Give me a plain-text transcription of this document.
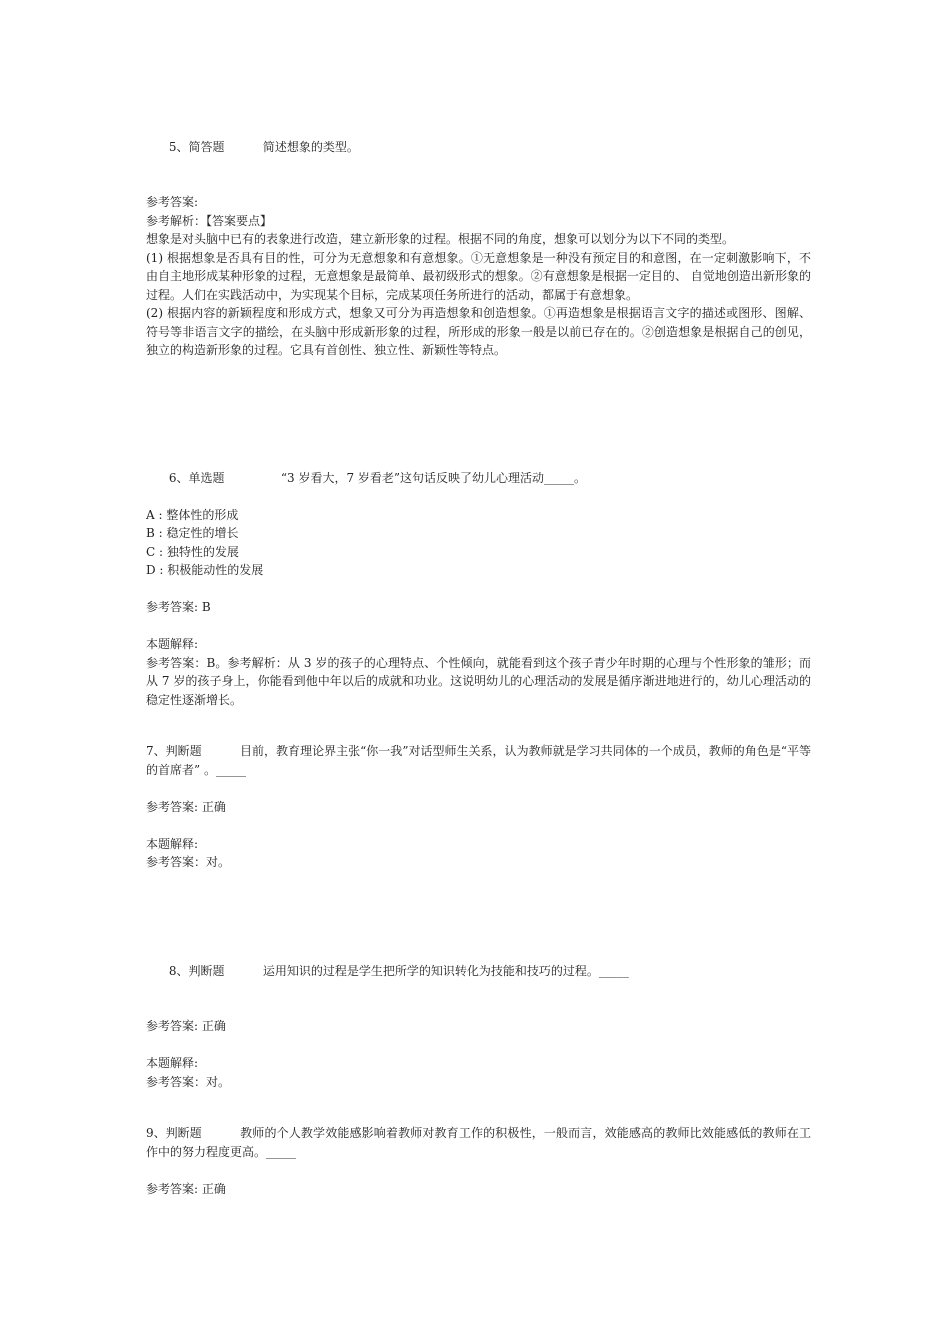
5、简答题	简述想象的类型。

参考答案:
参考解析：【答案要点】

想象是对头脑中已有的表象进行改造，建立新形象的过程。根据不同的角度，想象可以划分为以下不同的类型。

(1) 根据想象是否具有目的性，可分为无意想象和有意想象。①无意想象是一种没有预定目的和意图，在一定刺激影响下，不由自主地形成某种形象的过程，无意想象是最简单、最初级形式的想象。②有意想象是根据一定目的、 自觉地创造出新形象的过程。人们在实践活动中，为实现某个目标，完成某项任务所进行的活动，都属于有意想象。

(2) 根据内容的新颖程度和形成方式，想象又可分为再造想象和创造想象。①再造想象是根据语言文字的描述或图形、图解、符号等非语言文字的描绘，在头脑中形成新形象的过程，所形成的形象一般是以前已存在的。②创造想象是根据自己的创见，独立的构造新形象的过程。它具有首创性、独立性、新颖性等特点。

6、单选题	“3 岁看大，7 岁看老”这句话反映了幼儿心理活动_____。

A : 整体性的形成
B : 稳定性的增长
C : 独特性的发展
D : 积极能动性的发展
参考答案: B
本题解释:

参考答案：B。参考解析：从 3 岁的孩子的心理特点、个性倾向，就能看到这个孩子青少年时期的心理与个性形象的雏形；而从 7 岁的孩子身上，你能看到他中年以后的成就和功业。这说明幼儿的心理活动的发展是循序渐进地进行的，幼儿心理活动的稳定性逐渐增长。

7、判断题	目前，教育理论界主张“你一我”对话型师生关系，认为教师就是学习共同体的一个成员，教师的角色是“平等的首席者” 。_____

参考答案: 正确
本题解释:
参考答案：对。

8、判断题	运用知识的过程是学生把所学的知识转化为技能和技巧的过程。_____

参考答案: 正确
本题解释:
参考答案：对。

9、判断题	教师的个人教学效能感影响着教师对教育工作的积极性，一般而言，效能感高的教师比效能感低的教师在工作中的努力程度更高。_____

参考答案: 正确
